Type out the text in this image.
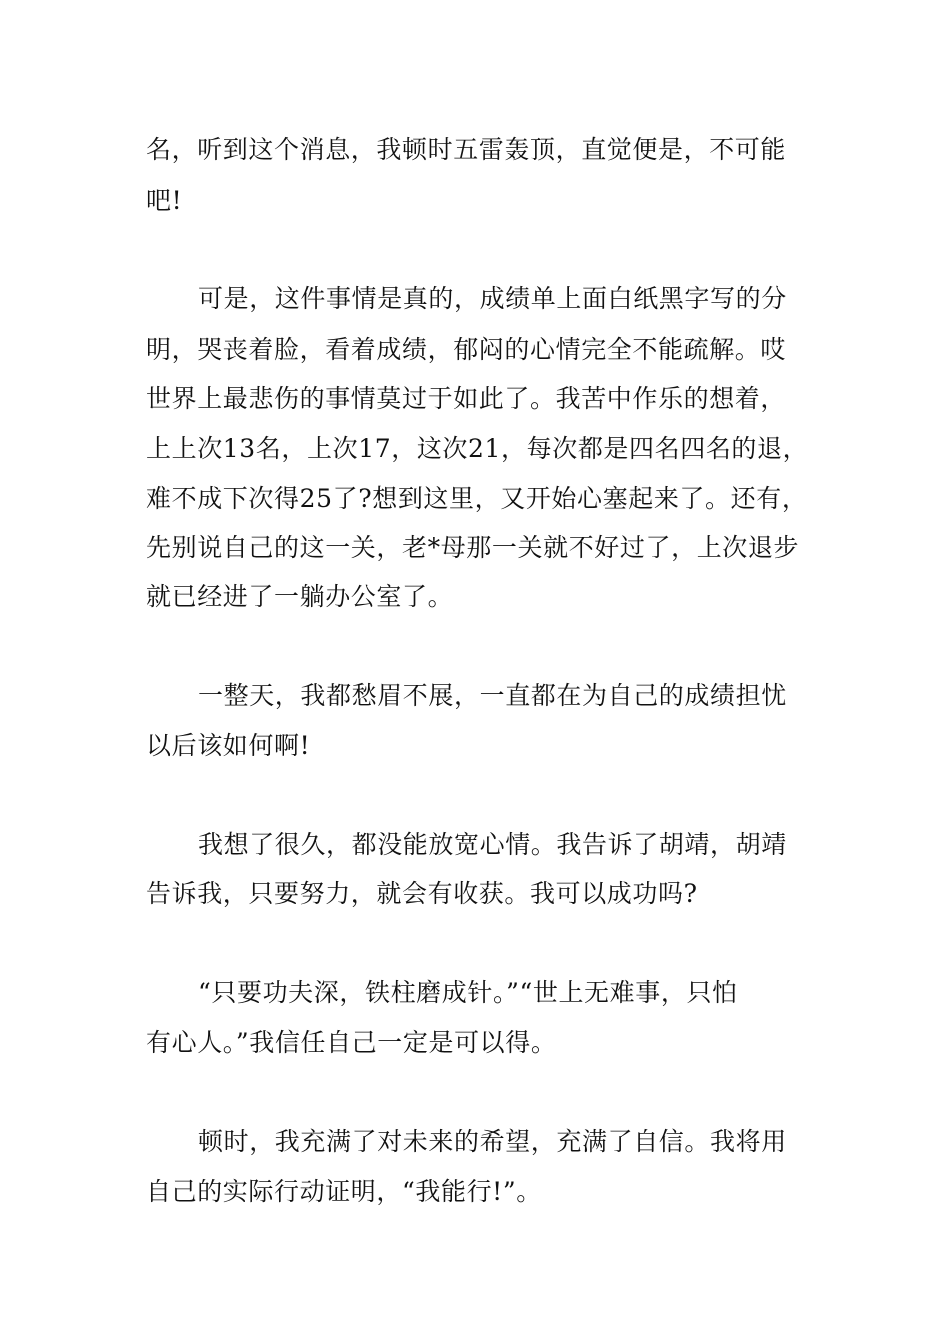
名，听到这个消息，我顿时五雷轰顶，直觉便是，不可能
吧!
可是，这件事情是真的，成绩单上面白纸黑字写的分
明，哭丧着脸，看着成绩，郁闷的心情完全不能疏解。哎
世界上最悲伤的事情莫过于如此了。我苦中作乐的想着，
上上次13名，上次17，这次21，每次都是四名四名的退，
难不成下次得25了?想到这里，又开始心塞起来了。还有，
先别说自己的这一关，老*母那一关就不好过了，上次退步
就已经进了一躺办公室了。
一整天，我都愁眉不展，一直都在为自己的成绩担忧
以后该如何啊!
我想了很久，都没能放宽心情。我告诉了胡靖，胡靖
告诉我，只要努力，就会有收获。我可以成功吗?
“只要功夫深，铁柱磨成针。”“世上无难事，只怕
有心人。”我信任自己一定是可以得。
顿时，我充满了对未来的希望，充满了自信。我将用
自己的实际行动证明，“我能行!”。
